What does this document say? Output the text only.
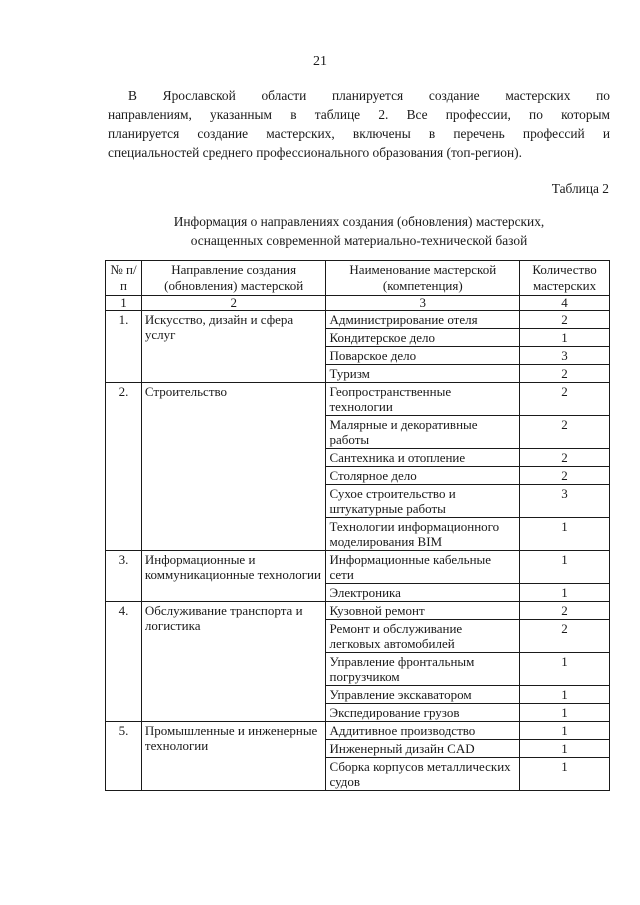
21

В Ярославской области планируется создание мастерских по
направлениям, указанным в таблице 2. Все профессии, по которым
планируется создание мастерских, включены в перечень профессий и
специальностей среднего профессионального образования (топ-регион).

Таблица 2
Информация о направлениях создания (обновления) мастерских,
оснащенных современной материально-технической базой
№ п/п	Направление создания (обновления) мастерской	Наименование мастерской (компетенция)	Количество мастерских
1	2	3	4
1.	Искусство, дизайн и сфера услуг	Администрирование отеля	2
		Кондитерское дело	1
		Поварское дело	3
		Туризм	2
2.	Строительство	Геопространственные технологии	2
		Малярные и декоративные работы	2
		Сантехника и отопление	2
		Столярное дело	2
		Сухое строительство и штукатурные работы	3
		Технологии информационного моделирования BIM	1
3.	Информационные и коммуникационные технологии	Информационные кабельные сети	1
		Электроника	1
4.	Обслуживание транспорта и логистика	Кузовной ремонт	2
		Ремонт и обслуживание легковых автомобилей	2
		Управление фронтальным погрузчиком	1
		Управление экскаватором	1
		Экспедирование грузов	1
5.	Промышленные и инженерные технологии	Аддитивное производство	1
		Инженерный дизайн CAD	1
		Сборка корпусов металлических судов	1
